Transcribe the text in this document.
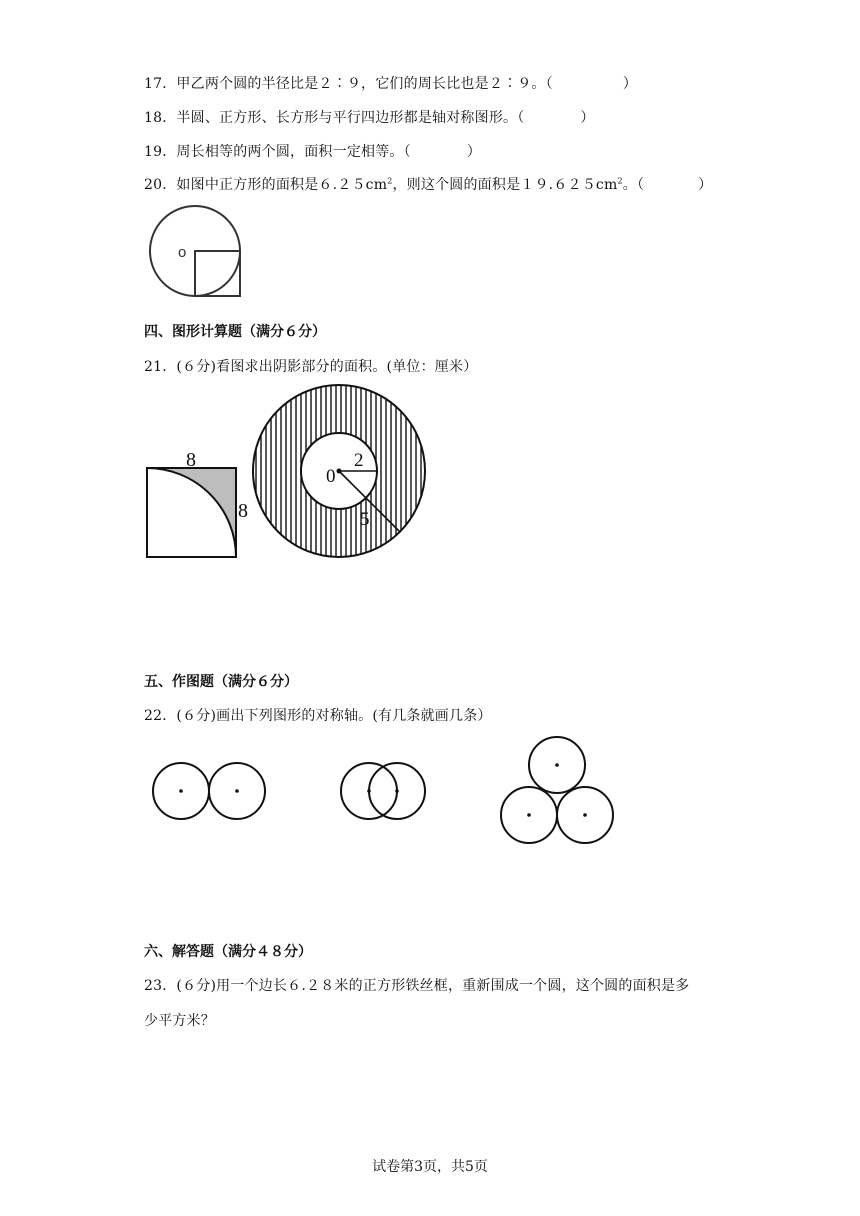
17．甲乙两个圆的半径比是２∶９，它们的周长比也是２∶９。（	）
18．半圆、正方形、长方形与平行四边形都是轴对称图形。（	）
19．周长相等的两个圆，面积一定相等。（	）
20．如图中正方形的面积是$6.25cm^2$，则这个圆的面积是$19.625cm^2$。（	）
o
四、图形计算题（满分６分）
21．(６分)看图求出阴影部分的面积。(单位：厘米）
8
8
0
2
5
五、作图题（满分６分）
22．(６分)画出下列图形的对称轴。(有几条就画几条）
六、解答题（满分４８分）
23．(６分)用一个边长６.２８米的正方形铁丝框，重新围成一个圆，这个圆的面积是多
少平方米？
试卷第3页，共5页
